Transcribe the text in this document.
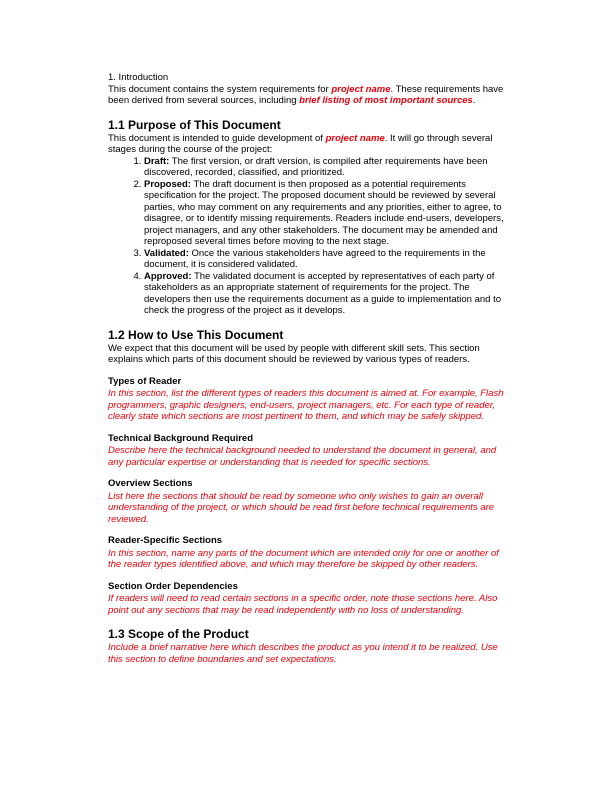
1. Introduction

This document contains the system requirements for project name. These requirements have been derived from several sources, including brief listing of most important sources.

1.1 Purpose of This Document

This document is intended to guide development of project name. It will go through several stages during the course of the project:

1. Draft: The first version, or draft version, is compiled after requirements have been discovered, recorded, classified, and prioritized.
2. Proposed: The draft document is then proposed as a potential requirements specification for the project. The proposed document should be reviewed by several parties, who may comment on any requirements and any priorities, either to agree, to disagree, or to identify missing requirements. Readers include end-users, developers, project managers, and any other stakeholders. The document may be amended and reproposed several times before moving to the next stage.
3. Validated: Once the various stakeholders have agreed to the requirements in the document, it is considered validated.
4. Approved: The validated document is accepted by representatives of each party of stakeholders as an appropriate statement of requirements for the project. The developers then use the requirements document as a guide to implementation and to check the progress of the project as it develops.
1.2 How to Use This Document

We expect that this document will be used by people with different skill sets. This section explains which parts of this document should be reviewed by various types of readers.

Types of Reader

In this section, list the different types of readers this document is aimed at. For example, Flash programmers, graphic designers, end-users, project managers, etc. For each type of reader, clearly state which sections are most pertinent to them, and which may be safely skipped.

Technical Background Required

Describe here the technical background needed to understand the document in general, and any particular expertise or understanding that is needed for specific sections.

Overview Sections

List here the sections that should be read by someone who only wishes to gain an overall understanding of the project, or which should be read first before technical requirements are reviewed.

Reader-Specific Sections

In this section, name any parts of the document which are intended only for one or another of the reader types identified above, and which may therefore be skipped by other readers.

Section Order Dependencies

If readers will need to read certain sections in a specific order, note those sections here. Also point out any sections that may be read independently with no loss of understanding.

1.3 Scope of the Product

Include a brief narrative here which describes the product as you intend it to be realized. Use this section to define boundaries and set expectations.
